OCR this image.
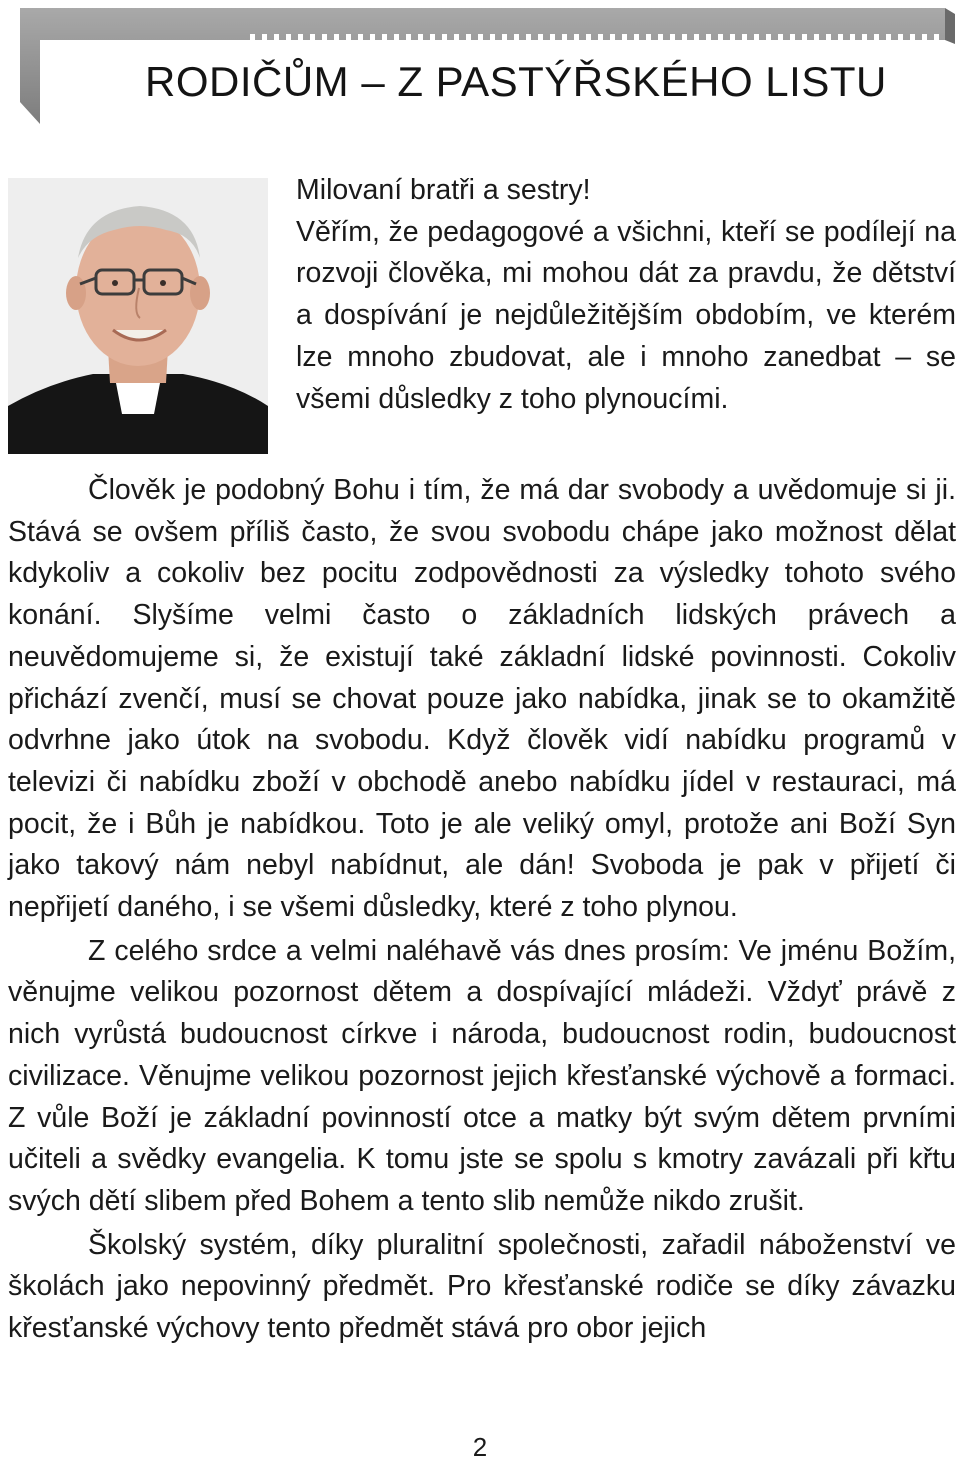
RODIČŮM – Z PASTÝŘSKÉHO LISTU

Milovaní bratři a sestry!

Věřím, že pedagogové a všichni, kteří se podílejí na rozvoji člověka, mi mohou dát za pravdu, že dětství a dospívání je nejdůležitějším obdobím, ve kterém lze mnoho zbudovat, ale i mnoho zanedbat – se všemi důsledky z toho plynoucími.

Člověk je podobný Bohu i tím, že má dar svobody a uvědomuje si ji. Stává se ovšem příliš často, že svou svobodu chápe jako možnost dělat kdykoliv a cokoliv bez pocitu zodpovědnosti za výsledky tohoto svého konání. Slyšíme velmi často o základních lidských právech a neuvědomujeme si, že existují také základní lidské povinnosti. Cokoliv přichází zvenčí, musí se chovat pouze jako nabídka, jinak se to okamžitě odvrhne jako útok na svobodu. Když člověk vidí nabídku programů v televizi či nabídku zboží v obchodě anebo nabídku jídel v restauraci, má pocit, že i Bůh je nabídkou. Toto je ale veliký omyl, protože ani Boží Syn jako takový nám nebyl nabídnut, ale dán! Svoboda je pak v přijetí či nepřijetí daného, i se všemi důsledky, které z toho plynou.

Z celého srdce a velmi naléhavě vás dnes prosím: Ve jménu Božím, věnujme velikou pozornost dětem a dospívající mládeži. Vždyť právě z nich vyrůstá budoucnost církve i národa, budoucnost rodin, budoucnost civilizace. Věnujme velikou pozornost jejich křesťanské výchově a formaci. Z vůle Boží je základní povinností otce a matky být svým dětem prvními učiteli a svědky evangelia. K tomu jste se spolu s kmotry zavázali při křtu svých dětí slibem před Bohem a tento slib nemůže nikdo zrušit.

Školský systém, díky pluralitní společnosti, zařadil náboženství ve školách jako nepovinný předmět. Pro křesťanské rodiče se díky závazku křesťanské výchovy tento předmět stává pro obor jejich

2
